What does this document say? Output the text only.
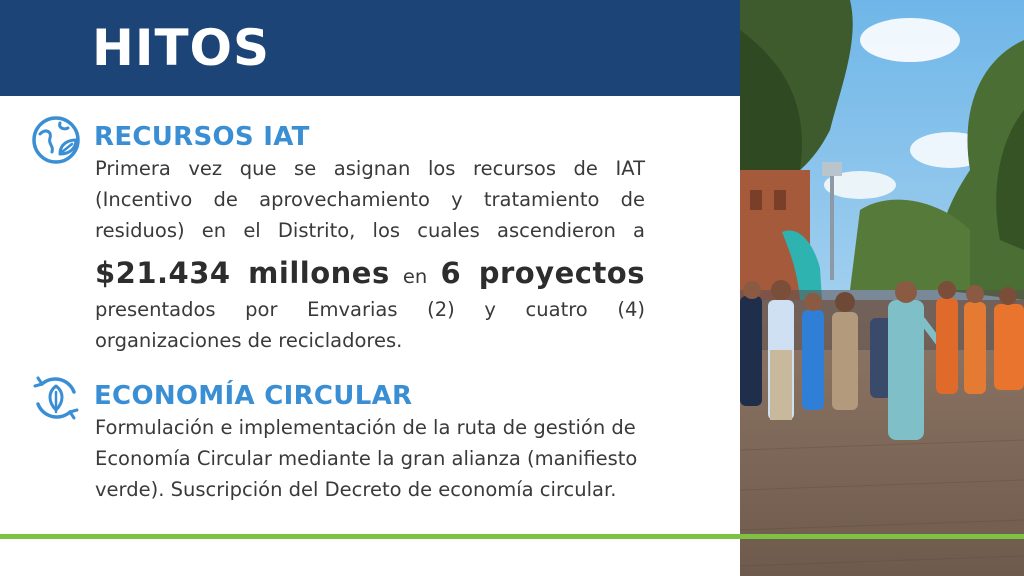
HITOS
RECURSOS IAT
Primera vez que se asignan los recursos de IAT
(Incentivo de aprovechamiento y tratamiento de
residuos) en el Distrito, los cuales ascendieron a
$21.434 millones en 6 proyectos
presentados por Emvarias (2) y cuatro (4)
organizaciones de recicladores.
ECONOMÍA CIRCULAR
Formulación e implementación de la ruta de gestión de
Economía Circular mediante la gran alianza (manifiesto
verde). Suscripción del Decreto de economía circular.
